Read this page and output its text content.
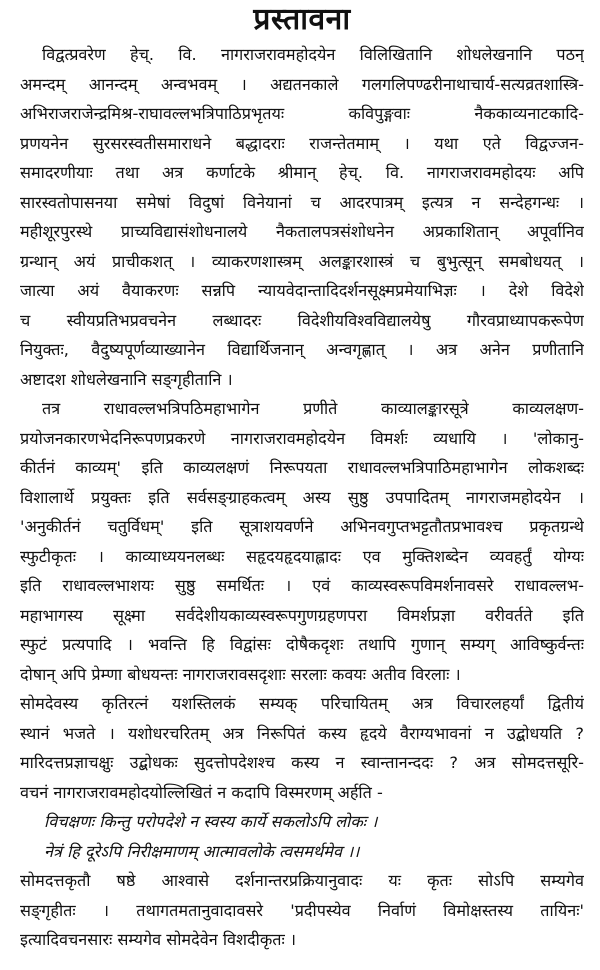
प्रस्तावना
विद्वत्प्रवरेण हेच्. वि. नागराजरावमहोदयेन विलिखितानि शोधलेखनानि पठन्
अमन्दम् आनन्दम् अन्वभवम् । अद्यतनकाले गलगलिपण्ढरीनाथाचार्य-सत्यव्रतशास्त्रि-
अभिराजराजेन्द्रमिश्र-राघावल्लभत्रिपाठिप्रभृतयः कविपुङ्गवाः नैककाव्यनाटकादि-
प्रणयनेन सुरसरस्वतीसमाराधने बद्धादराः राजन्तेतमाम् । यथा एते विद्वज्जन-
समादरणीयाः तथा अत्र कर्णाटके श्रीमान् हेच्. वि. नागराजरावमहोदयः अपि
सारस्वतोपासनया समेषां विदुषां विनेयानां च आदरपात्रम् इत्यत्र न सन्देहगन्धः ।
महीशूरपुरस्थे प्राच्यविद्यासंशोधनालये नैकतालपत्रसंशोधनेन अप्रकाशितान् अपूर्वानिव
ग्रन्थान् अयं प्राचीकशत् । व्याकरणशास्त्रम् अलङ्कारशास्त्रं च बुभुत्सून् समबोधयत् ।
जात्या अयं वैयाकरणः सन्नपि न्यायवेदान्तादिदर्शनसूक्ष्मप्रमेयाभिज्ञः । देशे विदेशे
च स्वीयप्रतिभप्रवचनेन लब्धादरः विदेशीयविश्वविद्यालयेषु गौरवप्राध्यापकरूपेण
नियुक्तः, वैदुष्यपूर्णव्याख्यानेन विद्यार्थिजनान् अन्वगृह्णात् । अत्र अनेन प्रणीतानि
अष्टादश शोधलेखनानि सङ्गृहीतानि ।
तत्र राधावल्लभत्रिपठिमहाभागेन प्रणीते काव्यालङ्कारसूत्रे काव्यलक्षण-
प्रयोजनकारणभेदनिरूपणप्रकरणे नागराजरावमहोदयेन विमर्शः व्यधायि । 'लोकानु-
कीर्तनं काव्यम्' इति काव्यलक्षणं निरूपयता राधावल्लभत्रिपाठिमहाभागेन लोकशब्दः
विशालार्थे प्रयुक्तः इति सर्वसङ्ग्राहकत्वम् अस्य सुष्ठु उपपादितम् नागराजमहोदयेन ।
'अनुकीर्तनं चतुर्विधम्' इति सूत्राशयवर्णने अभिनवगुप्तभट्टतौतप्रभावश्च प्रकृतग्रन्थे
स्फुटीकृतः । काव्याध्ययनलब्धः सहृदयहृदयाह्लादः एव मुक्तिशब्देन व्यवहर्तुं योग्यः
इति राधावल्लभाशयः सुष्ठु समर्थितः । एवं काव्यस्वरूपविमर्शनावसरे राधावल्लभ-
महाभागस्य सूक्ष्मा सर्वदेशीयकाव्यस्वरूपगुणग्रहणपरा विमर्शप्रज्ञा वरीवर्तते इति
स्फुटं प्रत्यपादि । भवन्ति हि विद्वांसः दोषैकदृशः तथापि गुणान् सम्यग् आविष्कुर्वन्तः
दोषान् अपि प्रेम्णा बोधयन्तः नागराजरावसदृशाः सरलाः कवयः अतीव विरलाः ।
सोमदेवस्य कृतिरत्नं यशस्तिलकं सम्यक् परिचायितम् अत्र विचारलहर्यां द्वितीयं
स्थानं भजते । यशोधरचरितम् अत्र निरूपितं कस्य हृदये वैराग्यभावनां न उद्बोधयति ?
मारिदत्तप्रज्ञाचक्षुः उद्बोधकः सुदत्तोपदेशश्च कस्य न स्वान्तानन्ददः ? अत्र सोमदत्तसूरि-
वचनं नागराजरावमहोदयोल्लिखितं न कदापि विस्मरणम् अर्हति -
विचक्षणः किन्तु परोपदेशे न स्वस्य कार्ये सकलोऽपि लोकः ।
नेत्रं हि दूरेऽपि निरीक्षमाणम् आत्मावलोके त्वसमर्थमेव ।।
सोमदत्तकृतौ षष्ठे आश्वासे दर्शनान्तरप्रक्रियानुवादः यः कृतः सोऽपि सम्यगेव
सङ्गृहीतः । तथागतमतानुवादावसरे 'प्रदीपस्येव निर्वाणं विमोक्षस्तस्य तायिनः'
इत्यादिवचनसारः सम्यगेव सोमदेवेन विशदीकृतः ।
